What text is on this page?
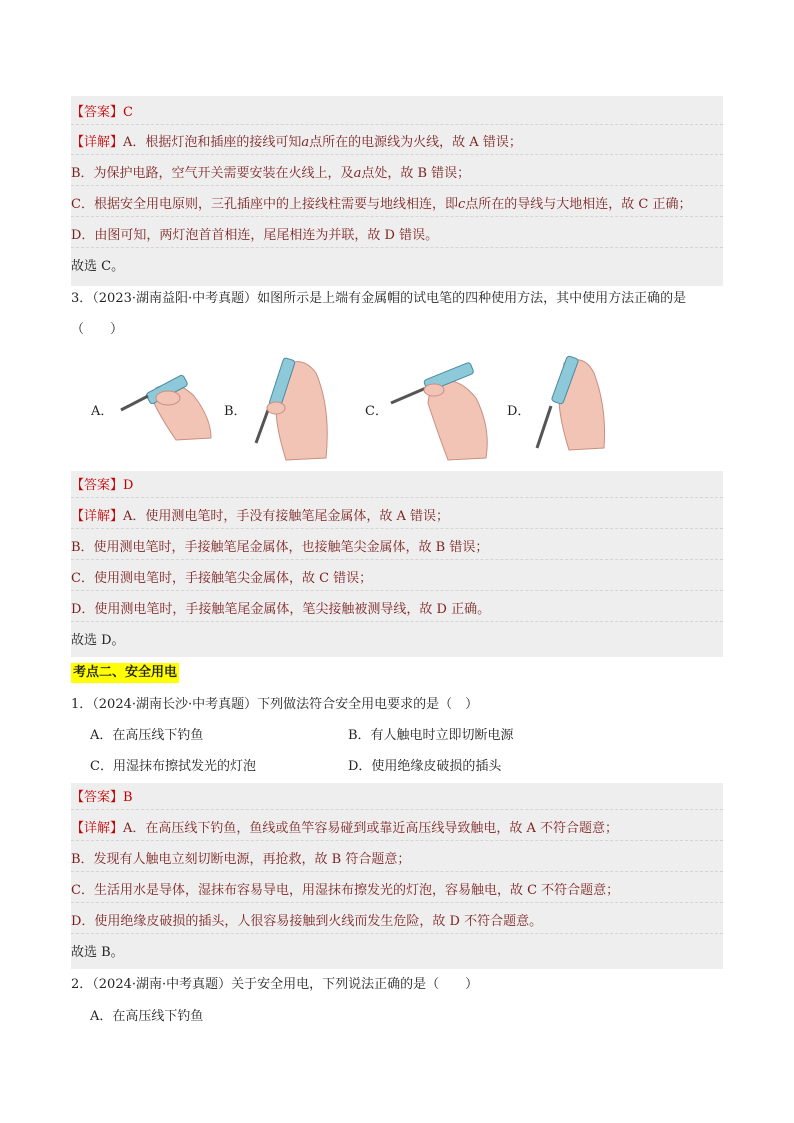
【答案】C
【详解】A．根据灯泡和插座的接线可知a点所在的电源线为火线，故 A 错误；
B．为保护电路，空气开关需要安装在火线上，及a点处，故 B 错误；
C．根据安全用电原则，三孔插座中的上接线柱需要与地线相连，即c点所在的导线与大地相连，故 C 正确；
D．由图可知，两灯泡首首相连，尾尾相连为并联，故 D 错误。
故选 C。
3．（2023·湖南益阳·中考真题）如图所示是上端有金属帽的试电笔的四种使用方法，其中使用方法正确的是
（　　）
A．	B．	C．	D．
【答案】D
【详解】A．使用测电笔时，手没有接触笔尾金属体，故 A 错误；
B．使用测电笔时，手接触笔尾金属体，也接触笔尖金属体，故 B 错误；
C．使用测电笔时，手接触笔尖金属体，故 C 错误；
D．使用测电笔时，手接触笔尾金属体，笔尖接触被测导线，故 D 正确。
故选 D。
考点二、安全用电
1．（2024·湖南长沙·中考真题）下列做法符合安全用电要求的是（　）
A．在高压线下钓鱼	B．有人触电时立即切断电源
C．用湿抹布擦拭发光的灯泡	D．使用绝缘皮破损的插头
【答案】B
【详解】A．在高压线下钓鱼，鱼线或鱼竿容易碰到或靠近高压线导致触电，故 A 不符合题意；
B．发现有人触电立刻切断电源，再抢救，故 B 符合题意；
C．生活用水是导体，湿抹布容易导电，用湿抹布擦发光的灯泡，容易触电，故 C 不符合题意；
D．使用绝缘皮破损的插头，人很容易接触到火线而发生危险，故 D 不符合题意。
故选 B。
2．（2024·湖南·中考真题）关于安全用电，下列说法正确的是（　　）
A．在高压线下钓鱼
